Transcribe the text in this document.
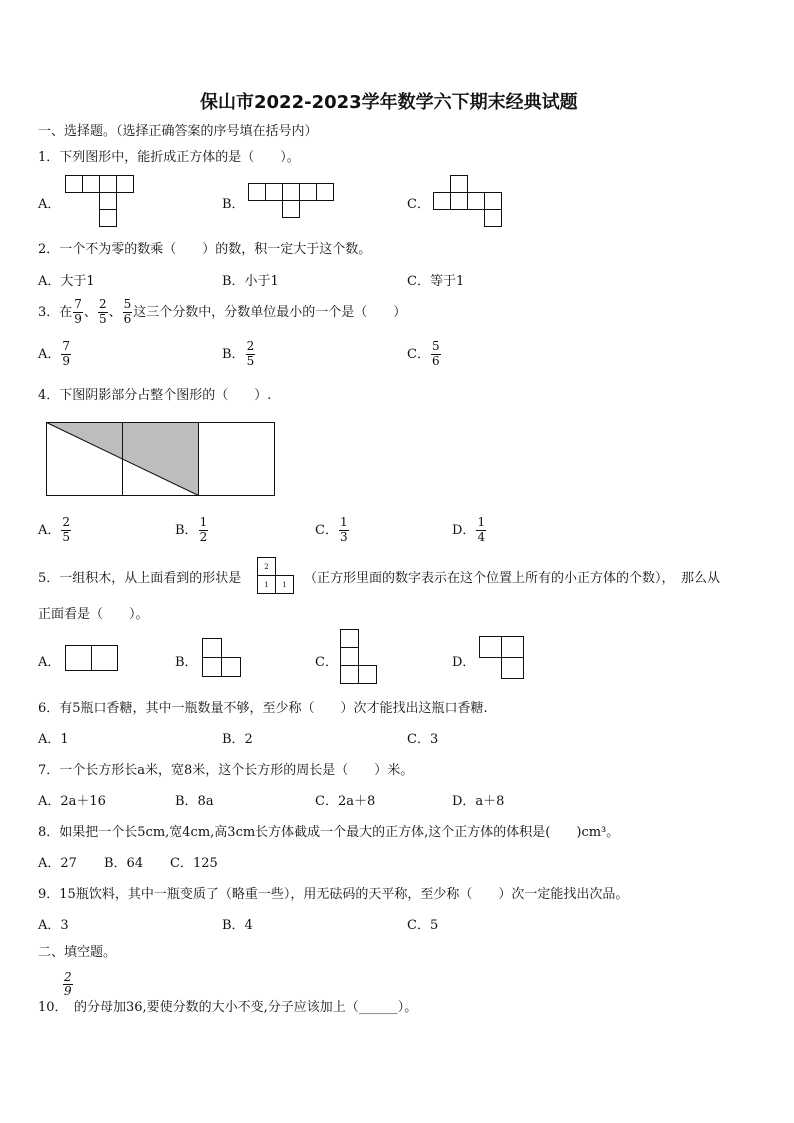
保山市2022-2023学年数学六下期末经典试题
一、选择题。（选择正确答案的序号填在括号内）
1．下列图形中，能折成正方体的是（　　）。
A．	B．	C．
2．一个不为零的数乘（　　）的数，积一定大于这个数。
A．大于1	B．小于1	C．等于1
3．在 $\frac{7}{9}$ 、 $\frac{2}{5}$ 、 $\frac{5}{6}$ 这三个分数中，分数单位最小的一个是（　　）
A． $\frac{7}{9}$	B． $\frac{2}{5}$	C． $\frac{5}{6}$
4．下图阴影部分占整个图形的（　　）.
A． $\frac{2}{5}$	B． $\frac{1}{2}$	C． $\frac{1}{3}$	D． $\frac{1}{4}$
5．一组积木，从上面看到的形状是
2
1 1 （正方形里面的数字表示在这个位置上所有的小正方体的个数），　那么从
正面看是（　　）。
A．	B．	C．	D．
6．有5瓶口香糖，其中一瓶数量不够，至少称（　　）次才能找出这瓶口香糖.
A．1	B．2	C．3
7．一个长方形长a米，宽8米，这个长方形的周长是（　　）米。
A．2a＋16	B．8a	C．2a＋8	D．a＋8
8．如果把一个长5cm,宽4cm,高3cm长方体截成一个最大的正方体,这个正方体的体积是(　　)cm³。
A．27 B．64 C．125
9．15瓶饮料，其中一瓶变质了（略重一些），用无砝码的天平称，至少称（　　）次一定能找出次品。
A．3	B．4	C．5
二、填空题。
10．
2
9
的分母加36,要使分数的大小不变,分子应该加上（______）。
